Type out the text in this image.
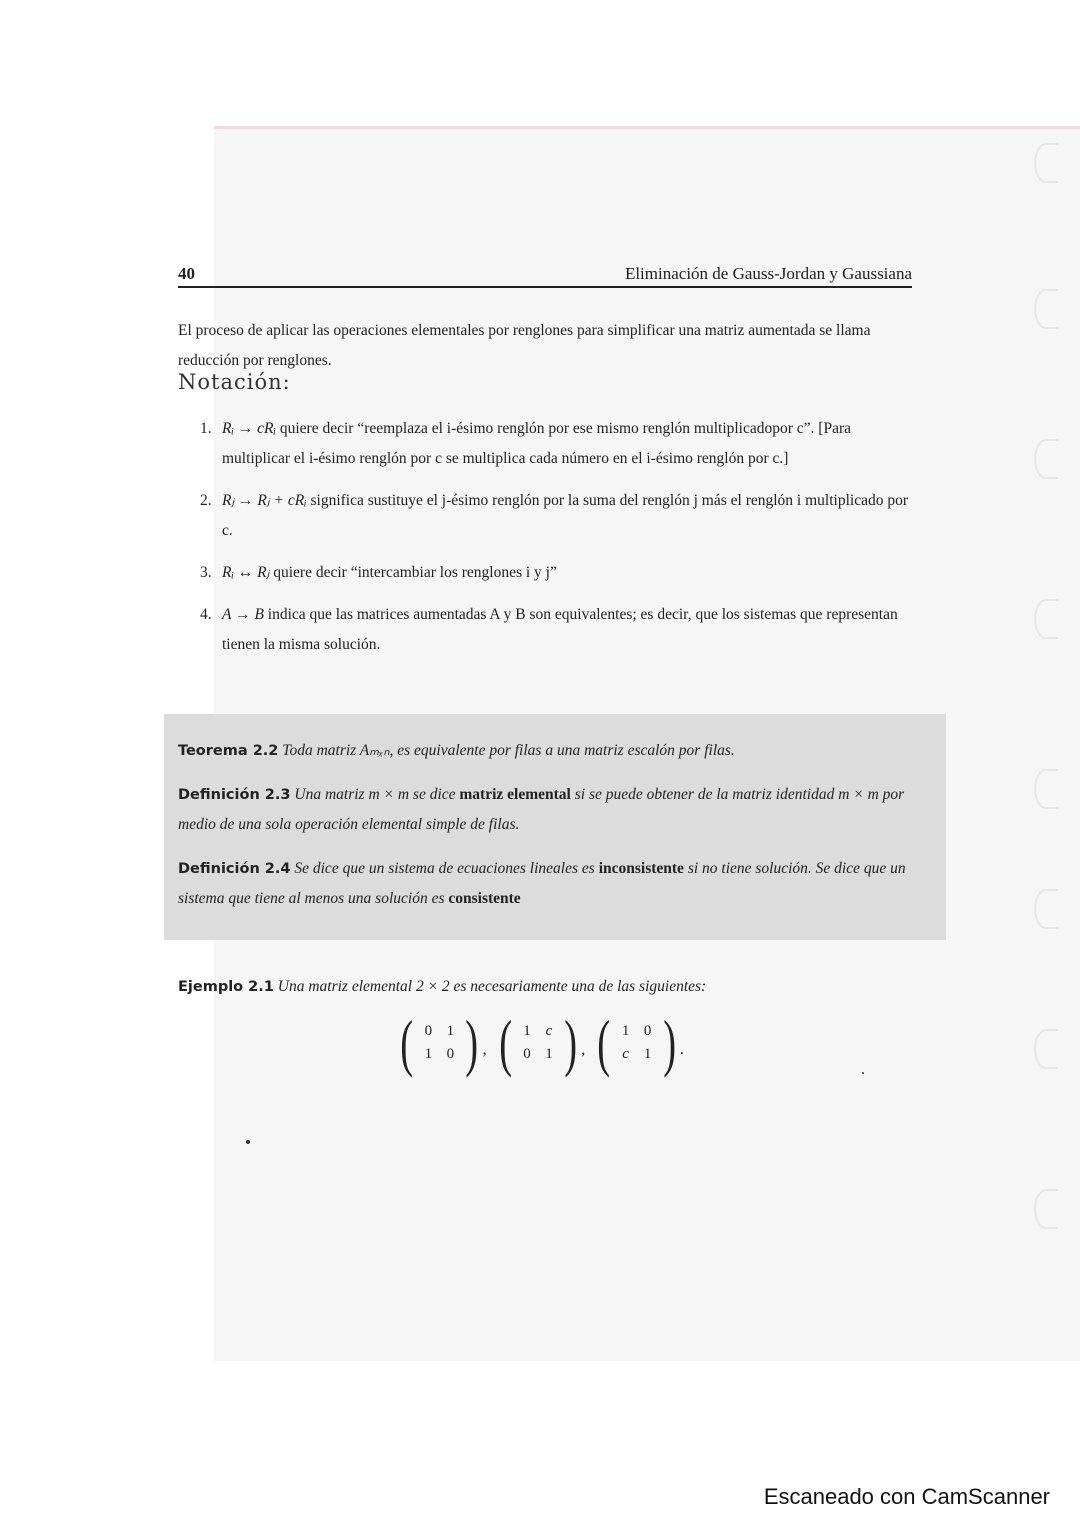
40	Eliminación de Gauss-Jordan y Gaussiana

El proceso de aplicar las operaciones elementales por renglones para simplificar una matriz aumentada se llama reducción por renglones.

Notación:

1. Rᵢ → cRᵢ quiere decir “reemplaza el i-ésimo renglón por ese mismo renglón multiplicadopor c”. [Para multiplicar el i-ésimo renglón por c se multiplica cada número en el i-ésimo renglón por c.]
2. Rⱼ → Rⱼ + cRᵢ significa sustituye el j-ésimo renglón por la suma del renglón j más el renglón i multiplicado por c.
3. Rᵢ ↔ Rⱼ quiere decir “intercambiar los renglones i y j”
4. A → B indica que las matrices aumentadas A y B son equivalentes; es decir, que los sistemas que representan tienen la misma solución.

Teorema 2.2 Toda matriz Aₘₓₙ, es equivalente por filas a una matriz escalón por filas.

Definición 2.3 Una matriz m × m se dice matriz elemental si se puede obtener de la matriz identidad m × m por medio de una sola operación elemental simple de filas.

Definición 2.4 Se dice que un sistema de ecuaciones lineales es inconsistente si no tiene solución. Se dice que un sistema que tiene al menos una solución es consistente

Ejemplo 2.1 Una matriz elemental 2 × 2 es necesariamente una de las siguientes:

( 0 1
1 0 ) , ( 1 c
0 1 ) , ( 1 0
c 1 ) .
Escaneado con CamScanner
